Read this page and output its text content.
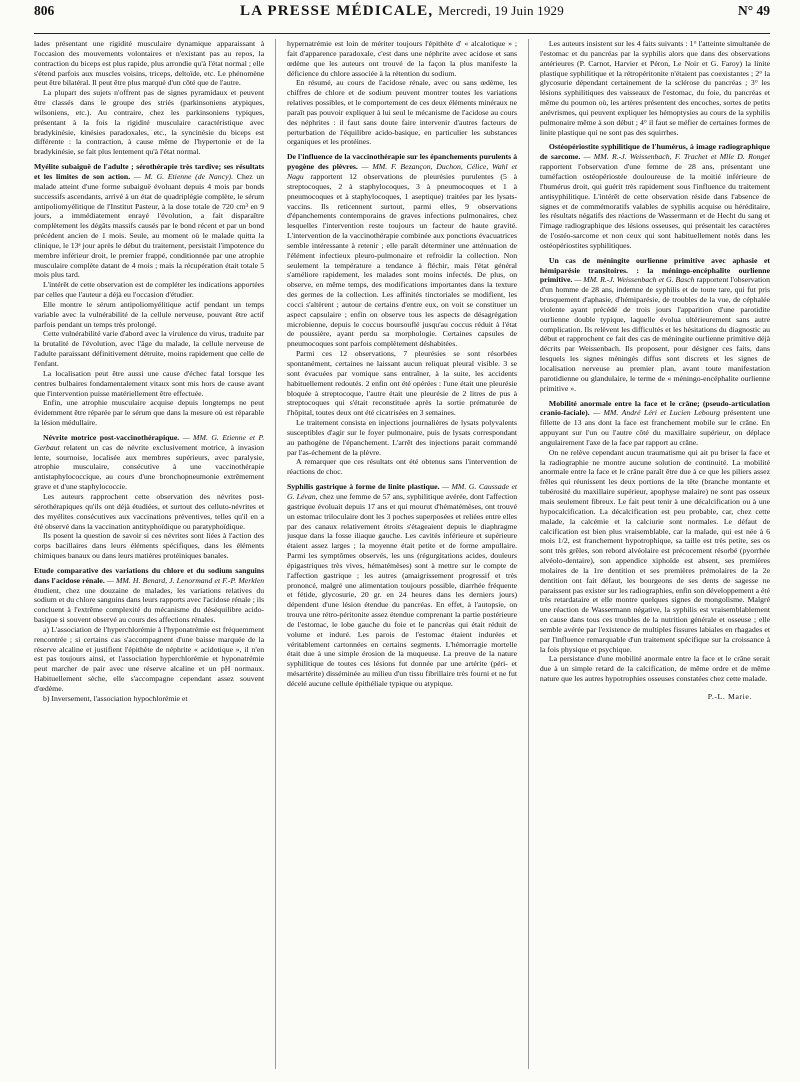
806	LA PRESSE MÉDICALE, Mercredi, 19 Juin 1929	N° 49

lades présentant une rigidité musculaire dynamique apparaissant à l'occasion des mouvements volontaires et n'existant pas au repos, la contraction du biceps est plus rapide, plus arrondie qu'à l'état normal ; elle s'étend parfois aux muscles voisins, triceps, deltoïde, etc. Le phénomène peut être bilatéral. Il peut être plus marqué d'un côté que de l'autre.

La plupart des sujets n'offrent pas de signes pyramidaux et peuvent être classés dans le groupe des striés (parkinsoniens atypiques, wilsoniens, etc.). Au contraire, chez les parkinsoniens typiques, présentant à la fois la rigidité musculaire caractéristique avec bradykinésie, kinésies paradoxales, etc., la syncinésie du biceps est différente : la contraction, à cause même de l'hypertonie et de la bradykinésie, se fait plus lentement qu'à l'état normal.

Myélite subaiguë de l'adulte ; sérothérapie très tardive; ses résultats et les limites de son action. — M. G. Etienne (de Nancy). Chez un malade atteint d'une forme subaiguë évoluant depuis 4 mois par bonds successifs ascendants, arrivé à un état de quadriplégie complète, le sérum antipoliomyélitique de l'Institut Pasteur, à la dose totale de 720 cm³ en 9 jours, a immédiatement enrayé l'évolution, a fait disparaître complètement les dégâts massifs causés par le bond récent et par un bond précédent ancien de 1 mois. Seule, au moment où le malade quitta la clinique, le 13ᵉ jour après le début du traitement, persistait l'impotence du membre inférieur droit, le premier frappé, conditionnée par une atrophie musculaire complète datant de 4 mois ; mais la récupération était totale 5 mois plus tard.

L'intérêt de cette observation est de compléter les indications apportées par celles que l'auteur a déjà eu l'occasion d'étudier.

Elle montre le sérum antipoliomyélitique actif pendant un temps variable avec la vulnérabilité de la cellule nerveuse, pouvant être actif parfois pendant un temps très prolongé.

Cette vulnérabilité varie d'abord avec la virulence du virus, traduite par la brutalité de l'évolution, avec l'âge du malade, la cellule nerveuse de l'adulte paraissant définitivement détruite, moins rapidement que celle de l'enfant.

La localisation peut être aussi une cause d'échec fatal lorsque les centres bulbaires fondamentalement vitaux sont mis hors de cause avant que l'intervention puisse matériellement être effectuée.

Enfin, une atrophie musculaire acquise depuis longtemps ne peut évidemment être réparée par le sérum que dans la mesure où est réparable la lésion médullaire.

Névrite motrice post-vaccinothérapique. — MM. G. Etienne et P. Gerbaut relatent un cas de névrite exclusivement motrice, à invasion lente, sournoise, localisée aux membres supérieurs, avec paralysie, atrophie musculaire, consécutive à une vaccinothérapie antistaphylococcique, au cours d'une bronchopneumonie extrêmement grave et d'une staphylococcie.

Les auteurs rapprochent cette observation des névrites post-sérothérapiques qu'ils ont déjà étudiées, et surtout des celluto-névrites et des myélites consécutives aux vaccinations préventives, telles qu'il en a été observé dans la vaccination antityphoïdique ou paratyphoïdique.

Ils posent la question de savoir si ces névrites sont liées à l'action des corps bacillaires dans leurs éléments spécifiques, dans les éléments chimiques banaux ou dans leurs matières protéiniques banales.

Etude comparative des variations du chlore et du sodium sanguins dans l'acidose rénale. — MM. H. Benard, J. Lenormand et F.-P. Merklen étudient, chez une douzaine de malades, les variations relatives du sodium et du chlore sanguins dans leurs rapports avec l'acidose rénale ; ils concluent à l'extrême complexité du mécanisme du déséquilibre acido-basique si souvent observé au cours des affections rénales.

a) L'association de l'hyperchlorémie à l'hyponatrémie est fréquemment rencontrée ; si certains cas s'accompagnent d'une baisse marquée de la réserve alcaline et justifient l'épithète de néphrite « acidotique », il n'en est pas toujours ainsi, et l'association hyperchlorémie et hyponatrémie peut marcher de pair avec une réserve alcaline et un pH normaux. Habituellement sèche, elle s'accompagne cependant assez souvent d'œdème.

b) Inversement, l'association hypochlorémie et

hypernatrémie est loin de mériter toujours l'épithète d' « alcalotique » ; fait d'apparence paradoxale, c'est dans une néphrite avec acidose et sans œdème que les auteurs ont trouvé de la façon la plus manifeste la déficience du chlore associée à la rétention du sodium.

En résumé, au cours de l'acidose rénale, avec ou sans œdème, les chiffres de chlore et de sodium peuvent montrer toutes les variations relatives possibles, et le comportement de ces deux éléments minéraux ne paraît pas pouvoir expliquer à lui seul le mécanisme de l'acidose au cours des néphrites : il faut sans doute faire intervenir d'autres facteurs de perturbation de l'équilibre acido-basique, en particulier les substances organiques et les protéines.

De l'influence de la vaccinothérapie sur les épanchements purulents à pyogène des plèvres. — MM. F. Bezançon, Duchon, Célice, Wahl et Nagu rapportent 12 observations de pleurésies purulentes (5 à streptocoques, 2 à staphylocoques, 3 à pneumocoques et 1 à pneumocoques et à staphylocoques, 1 aseptique) traitées par les lysats-vaccins. Ils reticennent surtout, parmi elles, 9 observations d'épanchements contemporains de graves infections pulmonaires, chez lesquelles l'intervention reste toujours un facteur de haute gravité. L'intervention de la vaccinothérapie combinée aux ponctions évacuatrices semble intéressante à retenir ; elle paraît déterminer une atténuation de l'élément infectieux pleuro-pulmonaire et refroidir la collection. Non seulement la température a tendance à fléchir, mais l'état général s'améliore rapidement, les malades sont moins infectés. De plus, on observe, en même temps, des modifications importantes dans la texture des germes de la collection. Les affinités tinctoriales se modifient, les cocci s'altèrent ; autour de certains d'entre eux, on voit se constituer un aspect capsulaire ; enfin on observe tous les aspects de désagrégation microbienne, depuis le coccus boursouflé jusqu'au coccus réduit à l'état de poussière, ayant perdu sa morphologie. Certaines capsules de pneumocoques sont parfois complètement déshabitées.

Parmi ces 12 observations, 7 pleurésies se sont résorbées spontanément, certaines ne laissant aucun reliquat pleural visible. 3 se sont évacuées par vomique sans entraîner, à la suite, les accidents habituellement redoutés. 2 enfin ont été opérées : l'une était une pleurésie bloquée à streptocoque, l'autre était une pleurésie de 2 litres de pus à streptocoques qui s'était reconstituée après la sortie prématurée de l'hôpital, toutes deux ont été cicatrisées en 3 semaines.

Le traitement consista en injections journalières de lysats polyvalents susceptibles d'agir sur le foyer pulmonaire, puis de lysats correspondant au pathogène de l'épanchement. L'arrêt des injections parait commandé par l'as-échement de la plèvre.

A remarquer que ces résultats ont été obtenus sans l'intervention de réactions de choc.

Syphilis gastrique à forme de linite plastique. — MM. G. Caussade et G. Lévan, chez une femme de 57 ans, syphilitique avérée, dont l'affection gastrique évoluait depuis 17 ans et qui mourut d'hématémèses, ont trouvé un estomac triloculaire dont les 3 poches superposées et reliées entre elles par des canaux relativement étroits s'étageaient depuis le diaphragme jusque dans la fosse iliaque gauche. Les cavités inférieure et supérieure étaient assez larges ; la moyenne était petite et de forme ampullaire. Parmi les symptômes observés, les uns (régurgitations acides, douleurs épigastriques très vives, hématémèses) sont à mettre sur le compte de l'affection gastrique ; les autres (amaigrissement progressif et très prononcé, malgré une alimentation toujours possible, diarrhée fréquente et fétide, glycosurie, 20 gr. en 24 heures dans les derniers jours) dépendent d'une lésion étendue du pancréas. En effet, à l'autopsie, on trouva une rétro-péritonite assez étendue comprenant la partie postérieure de l'estomac, le lobe gauche du foie et le pancréas qui était réduit de volume et induré. Les parois de l'estomac étaient indurées et véritablement cartonnées en certains segments. L'hémorragie mortelle était due à une simple érosion de la muqueuse. La preuve de la nature syphilitique de toutes ces lésions fut donnée par une artérite (péri- et mésartérite) disséminée au milieu d'un tissu fibrillaire très fourni et ne fut décelé aucune cellule épithéliale typique ou atypique.

Les auteurs insistent sur les 4 faits suivants : 1° l'atteinte simultanée de l'estomac et du pancréas par la syphilis alors que dans des observations antérieures (P. Carnot, Harvier et Péron, Le Noir et G. Faroy) la linite plastique syphilitique et la rétropéritonite n'étaient pas coexistantes ; 2° la glycosurie dépendant certainement de la sclérose du pancréas ; 3° les lésions syphilitiques des vaisseaux de l'estomac, du foie, du pancréas et même du poumon où, les artères présentent des encoches, sortes de petits anévrismes, qui peuvent expliquer les hémoptysies au cours de la syphilis pulmonaire même à son début ; 4° il faut se méfier de certaines formes de linite plastique qui ne sont pas des squirrhes.

Ostéopériostite syphilitique de l'humérus, à image radiographique de sarcome. — MM. R.-J. Weissenbach, F. Trachet et Mlle D. Ronget rapportent l'observation d'une femme de 28 ans, présentant une tuméfaction ostéopériostée douloureuse de la moitié inférieure de l'humérus droit, qui guérit très rapidement sous l'influence du traitement antisyphilitique. L'intérêt de cette observation réside dans l'absence de signes et de commémoratifs valables de syphilis acquise ou héréditaire, les résultats négatifs des réactions de Wassermann et de Hecht du sang et l'image radiographique des lésions osseuses, qui présentait les caractères de l'ostéo-sarcome et non ceux qui sont habituellement notés dans les ostéopériostites syphilitiques.

Un cas de méningite ourlienne primitive avec aphasie et hémiparésie transitoires. : la méningo-encéphalite ourlienne primitive. — MM. R.-J. Weissenbach et G. Basch rapportent l'observation d'un homme de 28 ans, indemne de syphilis et de toute tare, qui fut pris brusquement d'aphasie, d'hémiparésie, de troubles de la vue, de céphalée violente ayant précédé de trois jours l'apparition d'une parotidite ourlienne double typique, laquelle évolua ultérieurement sans autre complication. Ils relèvent les difficultés et les hésitations du diagnostic au début et rapprochent ce fait des cas de méningite ourlienne primitive déjà décrits par Weissenbach. Ils proposent, pour désigner ces faits, dans lesquels les signes méningés diffus sont discrets et les signes de localisation nerveuse au premier plan, avant toute manifestation parotidienne ou glandulaire, le terme de « méningo-encéphalite ourlienne primitive ».

Mobilité anormale entre la face et le crâne; (pseudo-articulation cranio-faciale). — MM. André Léri et Lucien Lebourg présentent une fillette de 13 ans dont la face est franchement mobile sur le crâne. En appuyant sur l'un ou l'autre côté du maxillaire supérieur, on déplace angulairement l'axe de la face par rapport au crâne.

On ne relève cependant aucun traumatisme qui ait pu briser la face et la radiographie ne montre aucune solution de continuité. La mobilité anormale entre la face et le crâne paraît être due à ce que les piliers assez frêles qui réunissent les deux portions de la tête (branche montante et tubérosité du maxillaire supérieur, apophyse malaire) ne sont pas osseux mais seulement fibreux. Le fait peut tenir à une décalcification ou à une hypocalcification. La décalcification est peu probable, car, chez cette malade, la calcémie et la calciurie sont normales. Le défaut de calcification est bien plus vraisemblable, car la malade, qui est née à 6 mois 1/2, est franchement hypotrophique, sa taille est très petite, ses os sont très grêles, son rebord alvéolaire est précocement résorbé (pyorrhée alvéolo-dentaire), son appendice xiphoïde est absent, ses premières molaires de la 1re dentition et ses premières prémolaires de la 2e dentition ont fait défaut, les bourgeons de ses dents de sagesse ne paraissent pas exister sur les radiographies, enfin son développement a été très retardataire et elle montre quelques signes de mongolisme. Malgré une réaction de Wassermann négative, la syphilis est vraisemblablement en cause dans tous ces troubles de la nutrition générale et osseuse ; elle semble avérée par l'existence de multiples fissures labiales en rhagades et par l'influence remarquable d'un traitement spécifique sur la croissance à la fois physique et psychique.

La persistance d'une mobilité anormale entre la face et le crâne serait due à un simple retard de la calcification, de même ordre et de même nature que les autres hypotrophies osseuses constatées chez cette malade.

P.-L. Marie.
